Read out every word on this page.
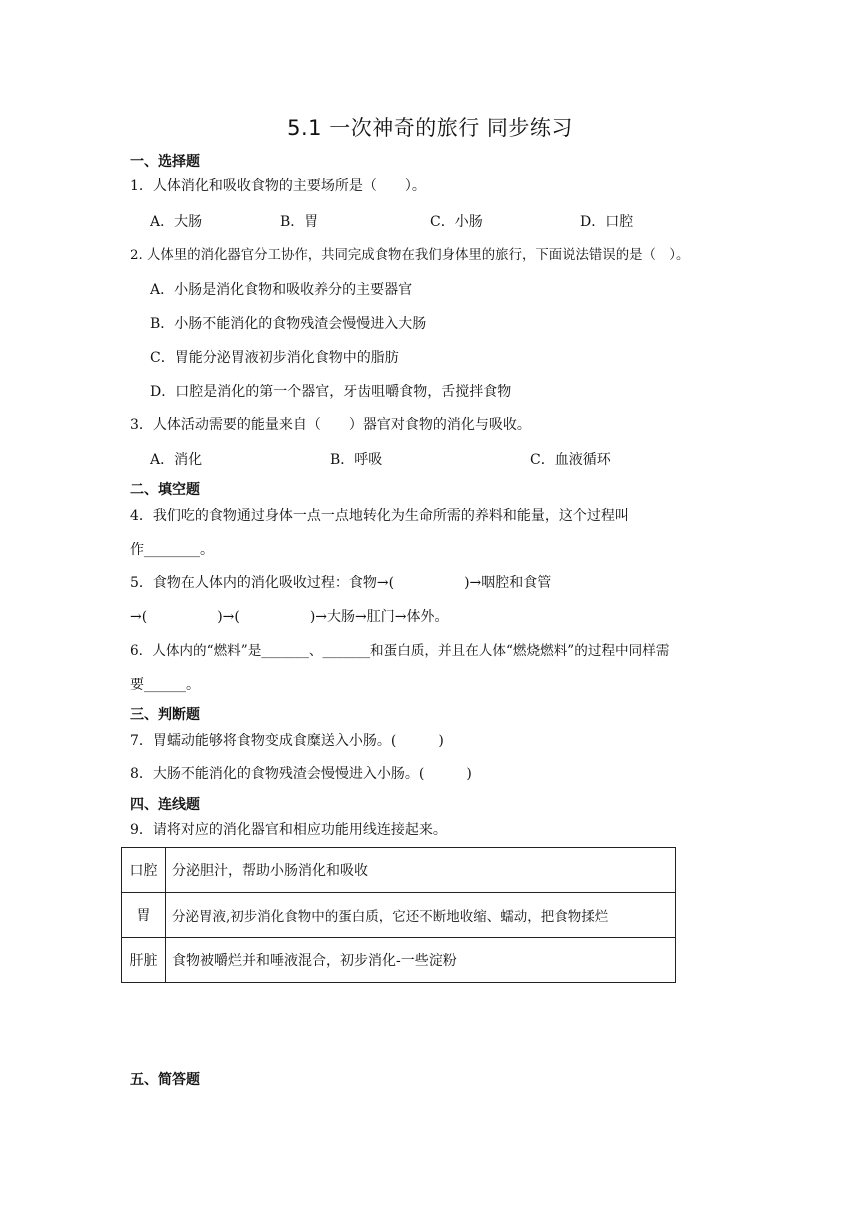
5.1 一次神奇的旅行 同步练习
一、选择题
1．人体消化和吸收食物的主要场所是（　　）。
A．大肠	B．胃	C．小肠	D．口腔
2. 人体里的消化器官分工协作，共同完成食物在我们身体里的旅行，下面说法错误的是（　）。
A．小肠是消化食物和吸收养分的主要器官
B．小肠不能消化的食物残渣会慢慢进入大肠
C．胃能分泌胃液初步消化食物中的脂肪
D．口腔是消化的第一个器官，牙齿咀嚼食物，舌搅拌食物
3．人体活动需要的能量来自（　　）器官对食物的消化与吸收。
A．消化	B．呼吸	C．血液循环
二、填空题
4．我们吃的食物通过身体一点一点地转化为生命所需的养料和能量，这个过程叫
作________。
5．食物在人体内的消化吸收过程：食物→(　　　　　)→咽腔和食管
→(　　　　　)→(　　　　　)→大肠→肛门→体外。
6．人体内的“燃料”是_______、_______和蛋白质，并且在人体“燃烧燃料”的过程中同样需
要______。
三、判断题
7．胃蠕动能够将食物变成食糜送入小肠。(　　　)
8．大肠不能消化的食物残渣会慢慢进入小肠。(　　　)
四、连线题
9．请将对应的消化器官和相应功能用线连接起来。
口腔	分泌胆汁，帮助小肠消化和吸收
胃	分泌胃液,初步消化食物中的蛋白质，它还不断地收缩、蠕动，把食物揉烂
肝脏	食物被嚼烂并和唾液混合，初步消化-一些淀粉
五、简答题
